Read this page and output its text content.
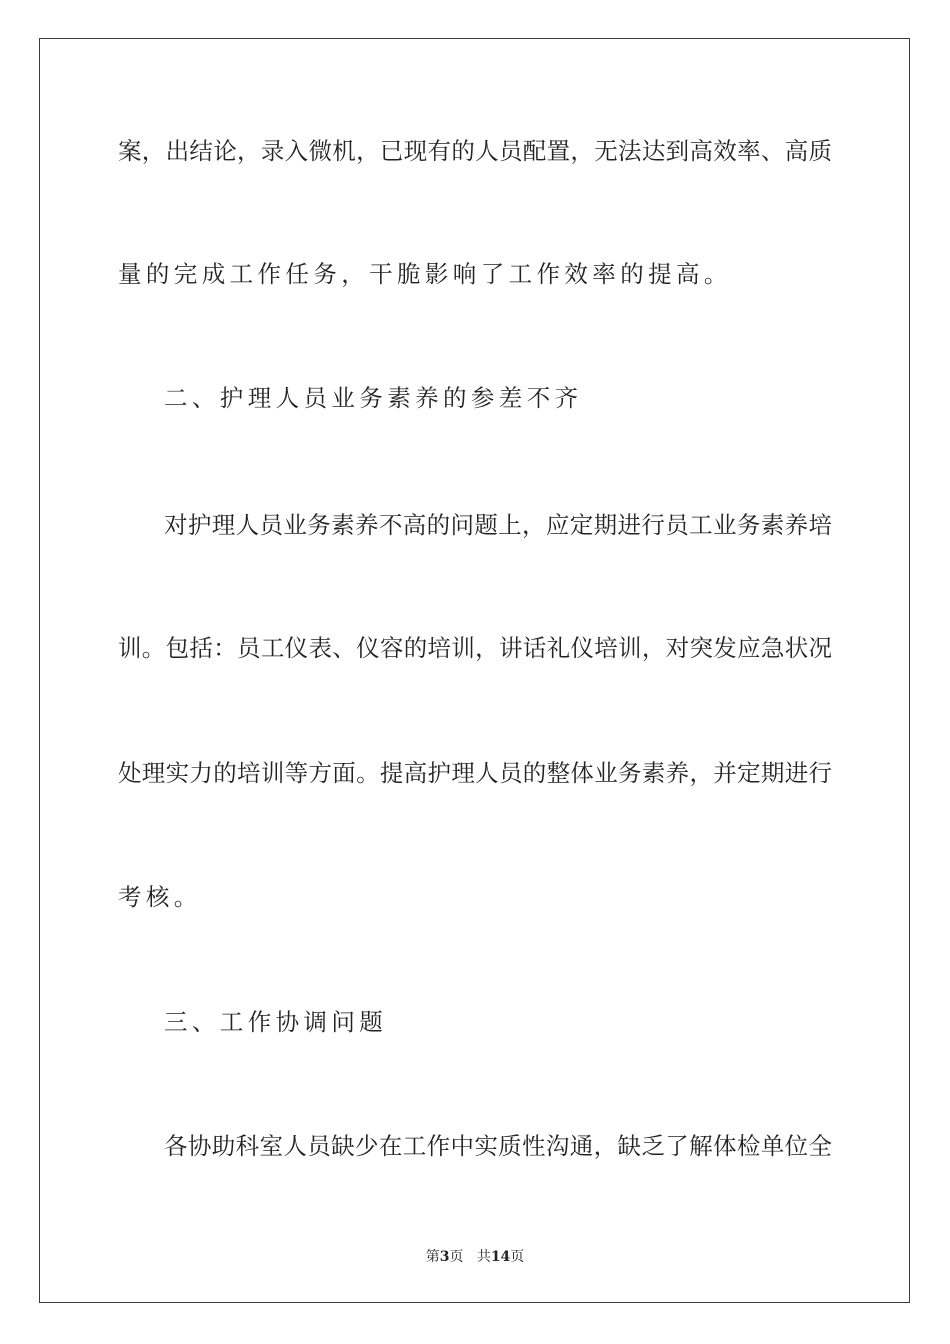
案，出结论，录入微机，已现有的人员配置，无法达到高效率、高质
量的完成工作任务，干脆影响了工作效率的提高。
二、护理人员业务素养的参差不齐
对护理人员业务素养不高的问题上，应定期进行员工业务素养培
训。包括：员工仪表、仪容的培训，讲话礼仪培训，对突发应急状况
处理实力的培训等方面。提高护理人员的整体业务素养，并定期进行
考核。
三、工作协调问题
各协助科室人员缺少在工作中实质性沟通，缺乏了解体检单位全
第3页 共14页
